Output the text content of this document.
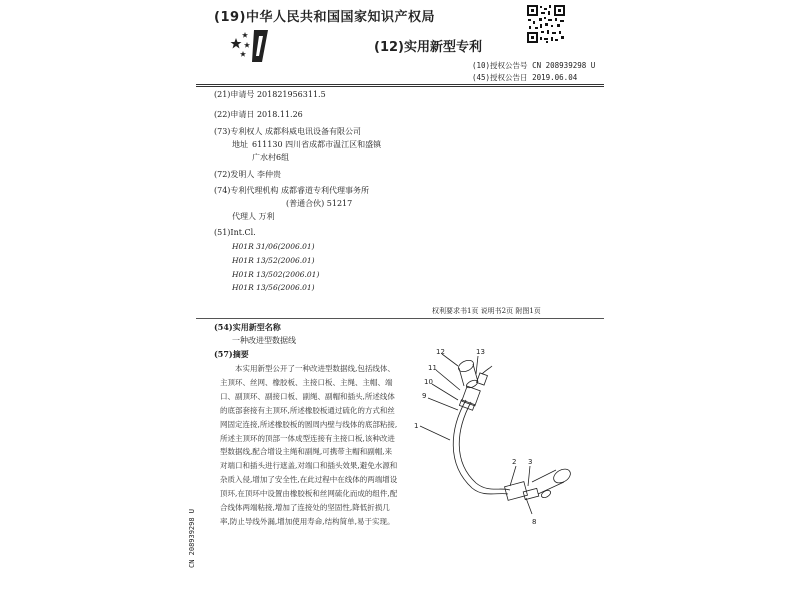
(19)中华人民共和国国家知识产权局
(12)实用新型专利
(10)授权公告号 CN 208939298 U
(45)授权公告日 2019.06.04
(21)申请号 201821956311.5
(22)申请日 2018.11.26
(73)专利权人 成都科威电讯设备有限公司
地址 611130 四川省成都市温江区和盛镇
广水村6组
(72)发明人 李仲贵
(74)专利代理机构 成都睿道专利代理事务所
(普通合伙) 51217
代理人 万利
(51)Int.Cl.
H01R 31/06(2006.01)
H01R 13/52(2006.01)
H01R 13/502(2006.01)
H01R 13/56(2006.01)
权利要求书1页 说明书2页 附图1页
(54)实用新型名称
一种改进型数据线
(57)摘要
本实用新型公开了一种改进型数据线,包括线体、主顶环、丝网、橡胶板、主接口板、主绳、主帽、端口、副顶环、副接口板、副绳、副帽和插头,所述线体的底部套接有主顶环,所述橡胶板通过硫化的方式和丝网固定连接,所述橡胶板的圆周内壁与线体的底部粘接,所述主顶环的顶部一体成型连接有主接口板,该种改进型数据线,配合增设主绳和副绳,可携带主帽和副帽,来对端口和插头进行遮盖,对端口和插头效果,避免水源和杂质入侵,增加了安全性,在此过程中在线体的两端增设顶环,在顶环中设置由橡胶板和丝网硫化而成的组件,配合线体两端粘接,增加了连接处的坚固性,降低折损几率,防止导线外漏,增加使用寿命,结构简单,易于实现。
12	13
11
10
9
1
2 3
8
CN 208939298 U
